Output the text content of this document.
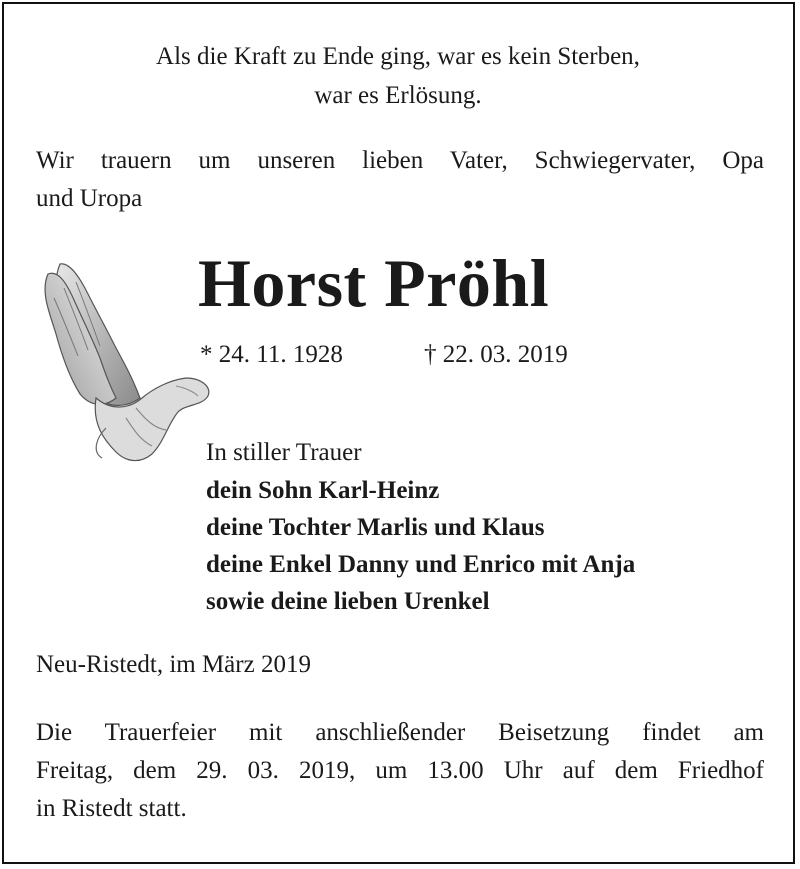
Als die Kraft zu Ende ging, war es kein Sterben,
war es Erlösung.
Wir trauern um unseren lieben Vater, Schwiegervater, Opa
und Uropa
Horst Pröhl
* 24. 11. 1928	† 22. 03. 2019
In stiller Trauer
dein Sohn Karl-Heinz
deine Tochter Marlis und Klaus
deine Enkel Danny und Enrico mit Anja
sowie deine lieben Urenkel
Neu-Ristedt, im März 2019
Die Trauerfeier mit anschließender Beisetzung findet am
Freitag, dem 29. 03. 2019, um 13.00 Uhr auf dem Friedhof
in Ristedt statt.
